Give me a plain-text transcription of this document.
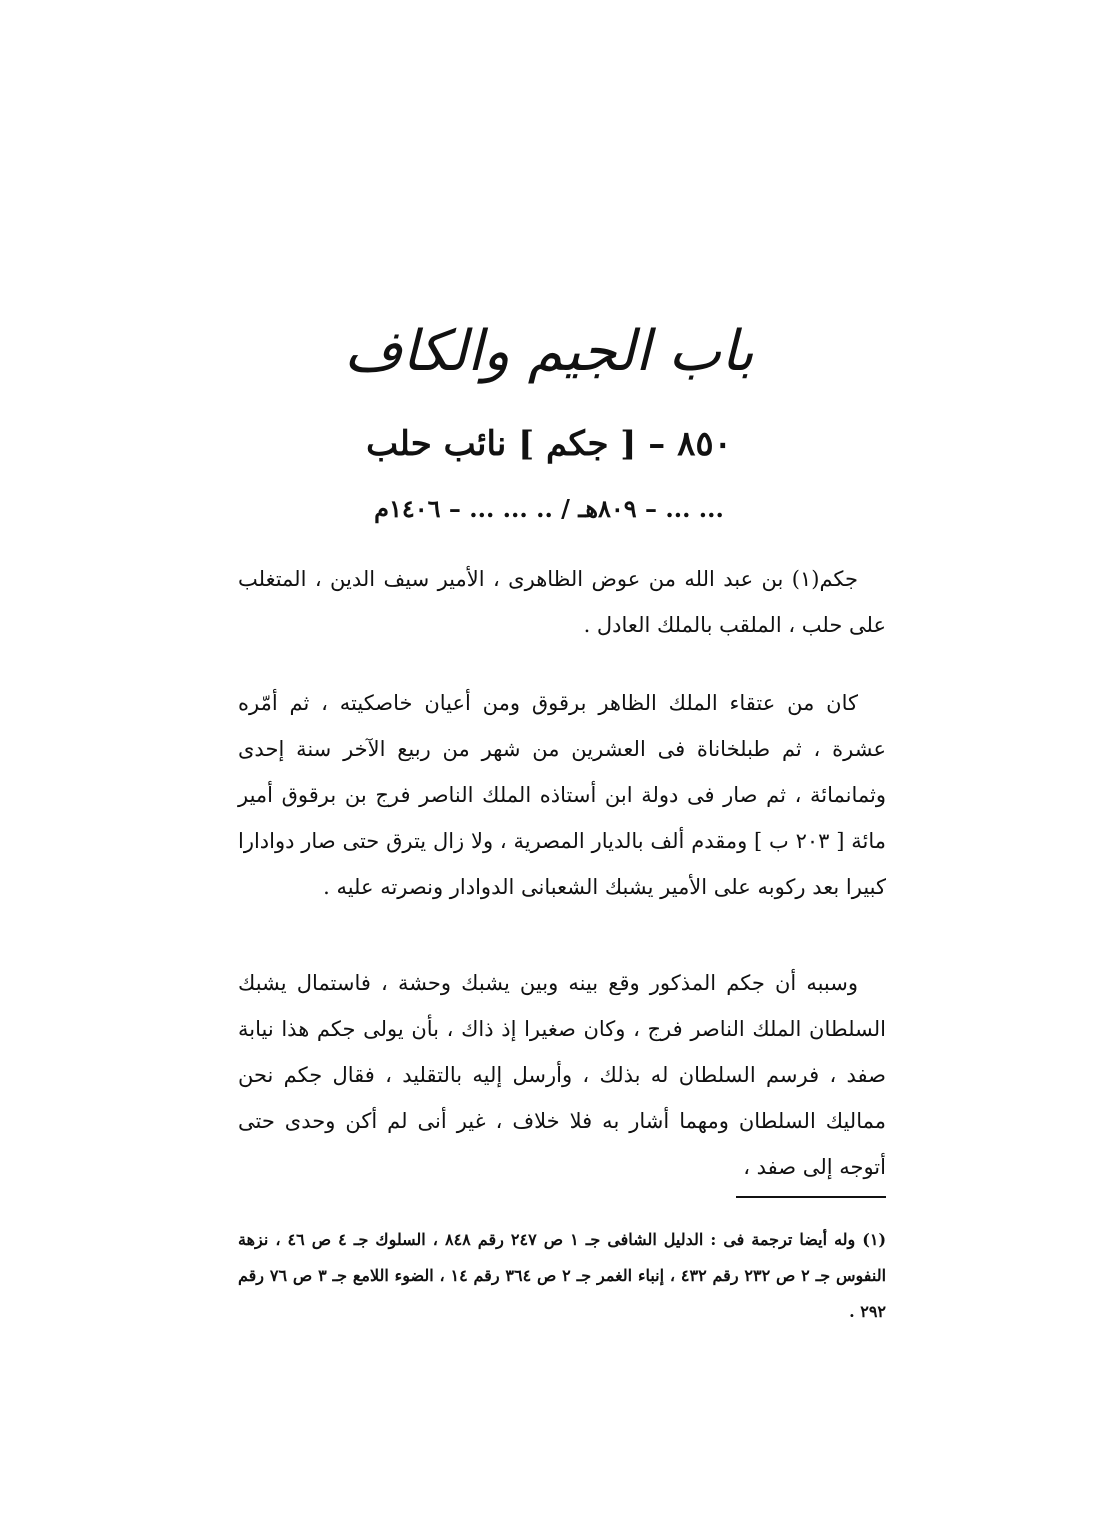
باب الجيم والكاف
٨٥٠ – [ جكم ] نائب حلب
... ... – ٨٠٩هـ / .. ... ... – ١٤٠٦م

جكم(١) بن عبد الله من عوض الظاهرى ، الأمير سيف الدين ، المتغلب على حلب ، الملقب بالملك العادل .

كان من عتقاء الملك الظاهر برقوق ومن أعيان خاصكيته ، ثم أمّره عشرة ، ثم طبلخاناة فى العشرين من شهر من ربيع الآخر سنة إحدى وثمانمائة ، ثم صار فى دولة ابن أستاذه الملك الناصر فرج بن برقوق أمير مائة [ ٢٠٣ ب ] ومقدم ألف بالديار المصرية ، ولا زال يترق حتى صار دوادارا كبيرا بعد ركوبه على الأمير يشبك الشعبانى الدوادار ونصرته عليه .

وسببه أن جكم المذكور وقع بينه وبين يشبك وحشة ، فاستمال يشبك السلطان الملك الناصر فرج ، وكان صغيرا إذ ذاك ، بأن يولى جكم هذا نيابة صفد ، فرسم السلطان له بذلك ، وأرسل إليه بالتقليد ، فقال جكم نحن مماليك السلطان ومهما أشار به فلا خلاف ، غير أنى لم أكن وحدى حتى أتوجه إلى صفد ،

(١) وله أيضا ترجمة فى : الدليل الشافى جـ ١ ص ٢٤٧ رقم ٨٤٨ ، السلوك جـ ٤ ص ٤٦ ، نزهة النفوس جـ ٢ ص ٢٣٢ رقم ٤٣٢ ، إنباء الغمر جـ ٢ ص ٣٦٤ رقم ١٤ ، الضوء اللامع جـ ٣ ص ٧٦ رقم ٢٩٢ .
